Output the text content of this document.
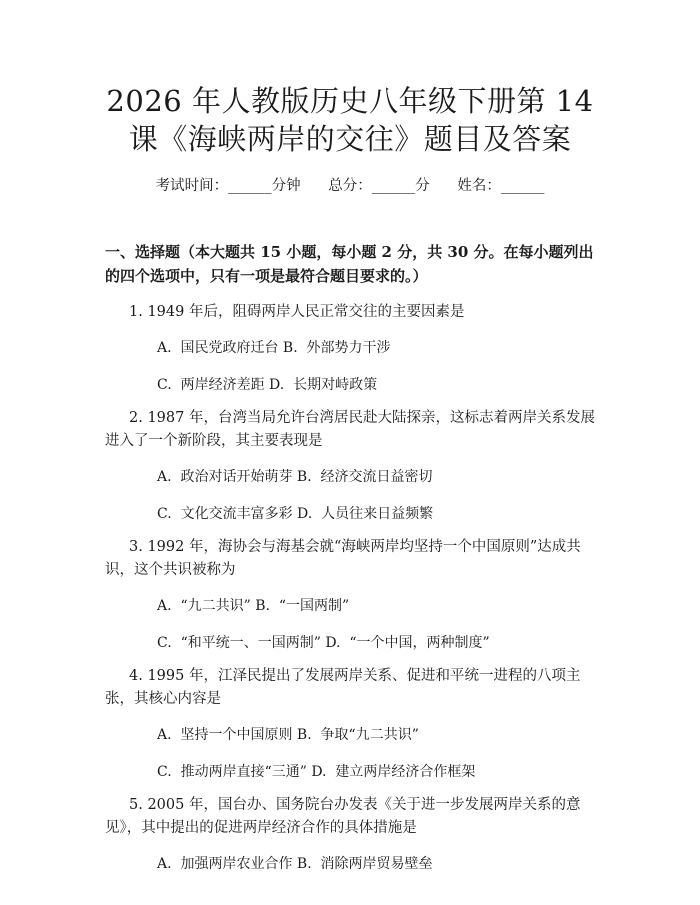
2026 年人教版历史八年级下册第 14 课《海峡两岸的交往》题目及答案
考试时间：______分钟      总分：______分      姓名：______
一、选择题（本大题共 15 小题，每小题 2 分，共 30 分。在每小题列出的四个选项中，只有一项是最符合题目要求的。）
1. 1949 年后，阻碍两岸人民正常交往的主要因素是
A.  国民党政府迁台 B.  外部势力干涉
C.  两岸经济差距 D.  长期对峙政策
2. 1987 年，台湾当局允许台湾居民赴大陆探亲，这标志着两岸关系发展进入了一个新阶段，其主要表现是
A.  政治对话开始萌芽 B.  经济交流日益密切
C.  文化交流丰富多彩 D.  人员往来日益频繁
3. 1992 年，海协会与海基会就“海峡两岸均坚持一个中国原则”达成共识，这个共识被称为
A.  “九二共识” B.  “一国两制”
C.  “和平统一、一国两制” D.  “一个中国，两种制度”
4. 1995 年，江泽民提出了发展两岸关系、促进和平统一进程的八项主张，其核心内容是
A.  坚持一个中国原则 B.  争取“九二共识”
C.  推动两岸直接“三通” D.  建立两岸经济合作框架
5. 2005 年，国台办、国务院台办发表《关于进一步发展两岸关系的意见》，其中提出的促进两岸经济合作的具体措施是
A.  加强两岸农业合作 B.  消除两岸贸易壁垒
